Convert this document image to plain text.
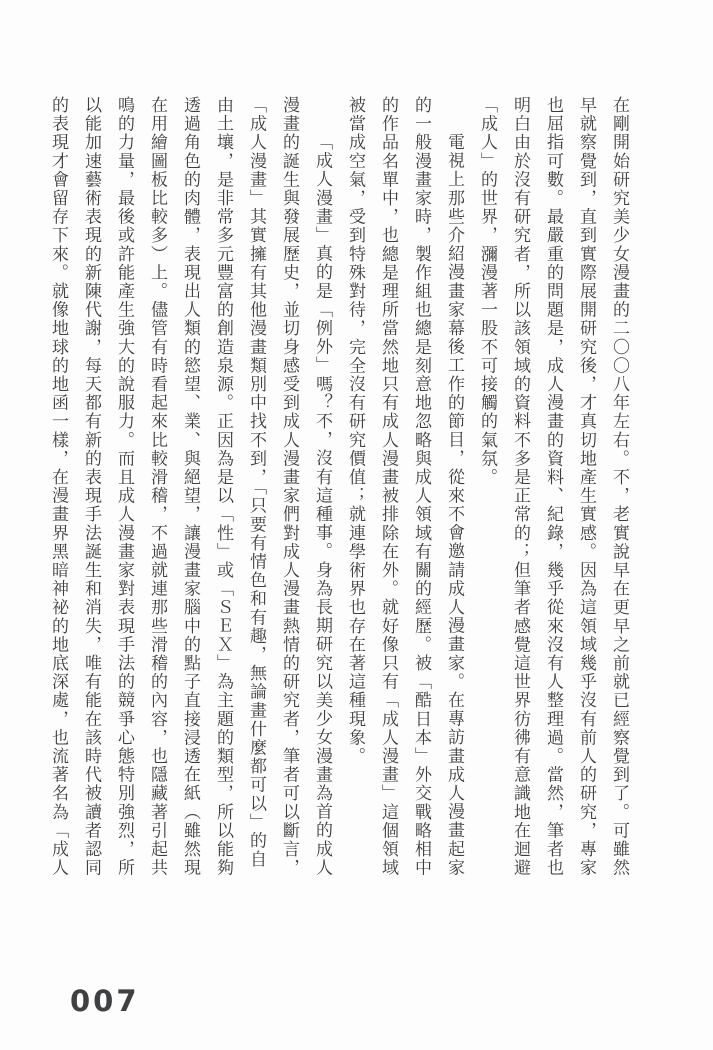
在剛開始研究美少女漫畫的二〇〇八年左右。不，老實說早在更早之前就已經察覺到了。可雖然早就察覺到，直到實際展開研究後，才真切地產生實感。因為這領域幾乎沒有前人的研究，專家也屈指可數。最嚴重的問題是，成人漫畫的資料、紀錄，幾乎從來沒有人整理過。當然，筆者也明白由於沒有研究者，所以該領域的資料不多是正常的；但筆者感覺這世界彷彿有意識地在迴避「成人」的世界，瀰漫著一股不可接觸的氣氛。

電視上那些介紹漫畫家幕後工作的節目，從來不會邀請成人漫畫家。在專訪畫成人漫畫起家的一般漫畫家時，製作組也總是刻意地忽略與成人領域有關的經歷。被「酷日本」外交戰略相中的作品名單中，也總是理所當然地只有成人漫畫被排除在外。就好像只有「成人漫畫」這個領域被當成空氣，受到特殊對待，完全沒有研究價值；就連學術界也存在著這種現象。

「成人漫畫」真的是「例外」嗎？不，沒有這種事。身為長期研究以美少女漫畫為首的成人漫畫的誕生與發展歷史，並切身感受到成人漫畫家們對成人漫畫熱情的研究者，筆者可以斷言，「成人漫畫」其實擁有其他漫畫類別中找不到，「只要有情色和有趣，無論畫什麼都可以」的自由土壤，是非常多元豐富的創造泉源。正因為是以「性」或「ＳＥＸ」為主題的類型，所以能夠透過角色的肉體，表現出人類的慾望、業、與絕望，讓漫畫家腦中的點子直接浸透在紙（雖然現在用繪圖板比較多）上。儘管有時看起來比較滑稽，不過就連那些滑稽的內容，也隱藏著引起共鳴的力量，最後或許能產生強大的說服力。而且成人漫畫家對表現手法的競爭心態特別強烈，所以能加速藝術表現的新陳代謝，每天都有新的表現手法誕生和消失，唯有能在該時代被讀者認同的表現才會留存下來。就像地球的地函一樣，在漫畫界黑暗神祕的地底深處，也流著名為「成人

007
